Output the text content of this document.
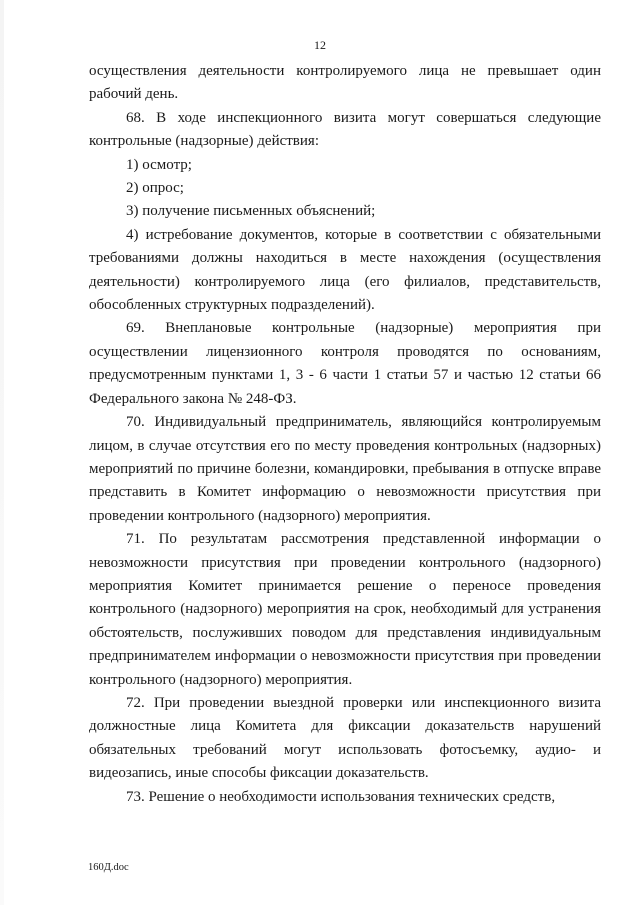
12

осуществления деятельности контролируемого лица не превышает один рабочий день.

68. В ходе инспекционного визита могут совершаться следующие контрольные (надзорные) действия:

1) осмотр;

2) опрос;

3) получение письменных объяснений;

4) истребование документов, которые в соответствии с обязательными требованиями должны находиться в месте нахождения (осуществления деятельности) контролируемого лица (его филиалов, представительств, обособленных структурных подразделений).

69. Внеплановые контрольные (надзорные) мероприятия при осуществлении лицензионного контроля проводятся по основаниям, предусмотренным пунктами 1, 3 - 6 части 1 статьи 57 и частью 12 статьи 66 Федерального закона № 248-ФЗ.

70. Индивидуальный предприниматель, являющийся контролируемым лицом, в случае отсутствия его по месту проведения контрольных (надзорных) мероприятий по причине болезни, командировки, пребывания в отпуске вправе представить в Комитет информацию о невозможности присутствия при проведении контрольного (надзорного) мероприятия.

71. По результатам рассмотрения представленной информации о невозможности присутствия при проведении контрольного (надзорного) мероприятия Комитет принимается решение о переносе проведения контрольного (надзорного) мероприятия на срок, необходимый для устранения обстоятельств, послуживших поводом для представления индивидуальным предпринимателем информации о невозможности присутствия при проведении контрольного (надзорного) мероприятия.

72. При проведении выездной проверки или инспекционного визита должностные лица Комитета для фиксации доказательств нарушений обязательных требований могут использовать фотосъемку, аудио- и видеозапись, иные способы фиксации доказательств.

73. Решение о необходимости использования технических средств,

160Д.doc
